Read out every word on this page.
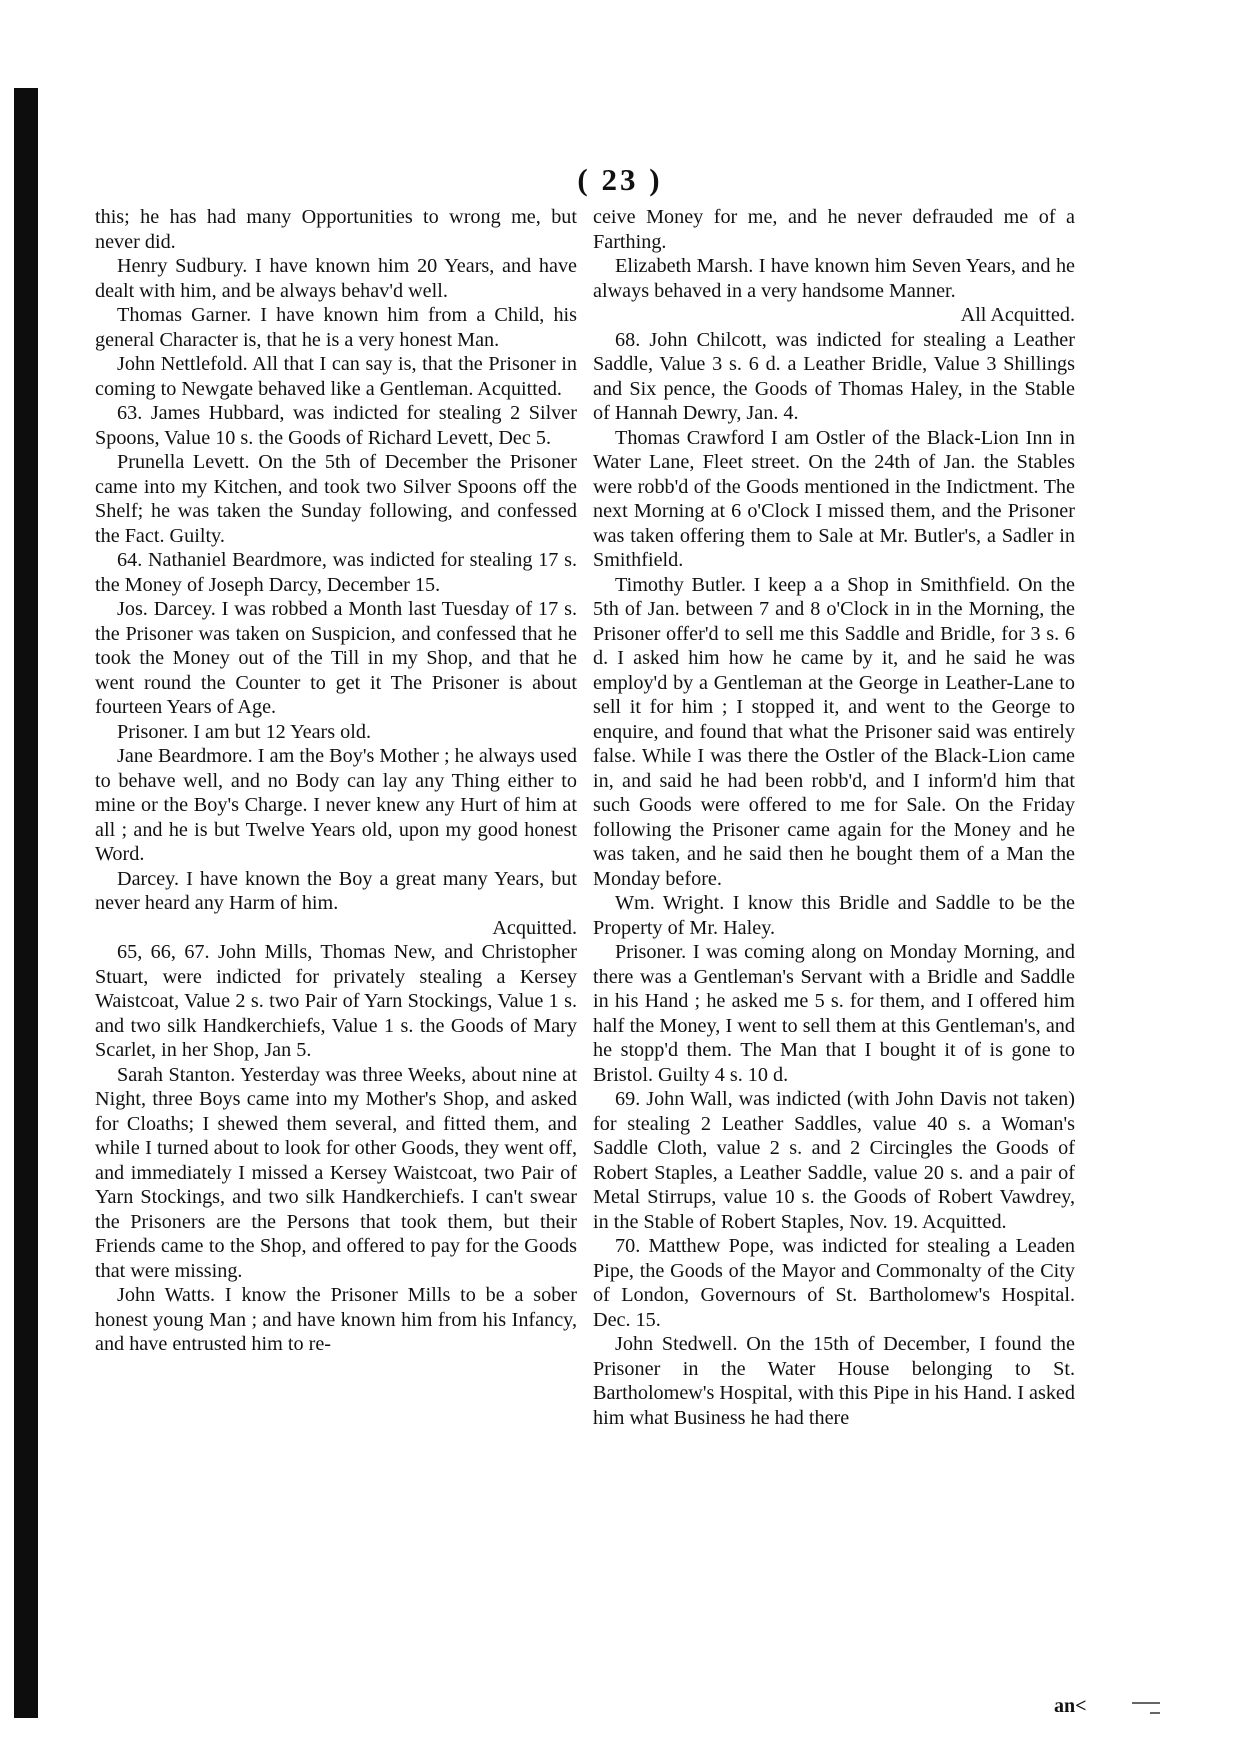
( 23 )

this; he has had many Opportunities to wrong me, but never did.

Henry Sudbury. I have known him 20 Years, and have dealt with him, and be always behav'd well.

Thomas Garner. I have known him from a Child, his general Character is, that he is a very honest Man.

John Nettlefold. All that I can say is, that the Prisoner in coming to Newgate behaved like a Gentleman. Acquitted.

63. James Hubbard, was indicted for stealing 2 Silver Spoons, Value 10 s. the Goods of Richard Levett, Dec 5.

Prunella Levett. On the 5th of December the Prisoner came into my Kitchen, and took two Silver Spoons off the Shelf; he was taken the Sunday following, and confessed the Fact. Guilty.

64. Nathaniel Beardmore, was indicted for stealing 17 s. the Money of Joseph Darcy, December 15.

Jos. Darcey. I was robbed a Month last Tuesday of 17 s. the Prisoner was taken on Suspicion, and confessed that he took the Money out of the Till in my Shop, and that he went round the Counter to get it The Prisoner is about fourteen Years of Age.

Prisoner. I am but 12 Years old.

Jane Beardmore. I am the Boy's Mother ; he always used to behave well, and no Body can lay any Thing either to mine or the Boy's Charge. I never knew any Hurt of him at all ; and he is but Twelve Years old, upon my good honest Word.

Darcey. I have known the Boy a great many Years, but never heard any Harm of him.

Acquitted.

65, 66, 67. John Mills, Thomas New, and Christopher Stuart, were indicted for privately stealing a Kersey Waistcoat, Value 2 s. two Pair of Yarn Stockings, Value 1 s. and two silk Handkerchiefs, Value 1 s. the Goods of Mary Scarlet, in her Shop, Jan 5.

Sarah Stanton. Yesterday was three Weeks, about nine at Night, three Boys came into my Mother's Shop, and asked for Cloaths; I shewed them several, and fitted them, and while I turned about to look for other Goods, they went off, and immediately I missed a Kersey Waistcoat, two Pair of Yarn Stockings, and two silk Handkerchiefs. I can't swear the Prisoners are the Persons that took them, but their Friends came to the Shop, and offered to pay for the Goods that were missing.

John Watts. I know the Prisoner Mills to be a sober honest young Man ; and have known him from his Infancy, and have entrusted him to re-

ceive Money for me, and he never defrauded me of a Farthing.

Elizabeth Marsh. I have known him Seven Years, and he always behaved in a very handsome Manner.

All Acquitted.

68. John Chilcott, was indicted for stealing a Leather Saddle, Value 3 s. 6 d. a Leather Bridle, Value 3 Shillings and Six pence, the Goods of Thomas Haley, in the Stable of Hannah Dewry, Jan. 4.

Thomas Crawford I am Ostler of the Black-Lion Inn in Water Lane, Fleet street. On the 24th of Jan. the Stables were robb'd of the Goods mentioned in the Indictment. The next Morning at 6 o'Clock I missed them, and the Prisoner was taken offering them to Sale at Mr. Butler's, a Sadler in Smithfield.

Timothy Butler. I keep a a Shop in Smithfield. On the 5th of Jan. between 7 and 8 o'Clock in in the Morning, the Prisoner offer'd to sell me this Saddle and Bridle, for 3 s. 6 d. I asked him how he came by it, and he said he was employ'd by a Gentleman at the George in Leather-Lane to sell it for him ; I stopped it, and went to the George to enquire, and found that what the Prisoner said was entirely false. While I was there the Ostler of the Black-Lion came in, and said he had been robb'd, and I inform'd him that such Goods were offered to me for Sale. On the Friday following the Prisoner came again for the Money and he was taken, and he said then he bought them of a Man the Monday before.

Wm. Wright. I know this Bridle and Saddle to be the Property of Mr. Haley.

Prisoner. I was coming along on Monday Morning, and there was a Gentleman's Servant with a Bridle and Saddle in his Hand ; he asked me 5 s. for them, and I offered him half the Money, I went to sell them at this Gentleman's, and he stopp'd them. The Man that I bought it of is gone to Bristol. Guilty 4 s. 10 d.

69. John Wall, was indicted (with John Davis not taken) for stealing 2 Leather Saddles, value 40 s. a Woman's Saddle Cloth, value 2 s. and 2 Circingles the Goods of Robert Staples, a Leather Saddle, value 20 s. and a pair of Metal Stirrups, value 10 s. the Goods of Robert Vawdrey, in the Stable of Robert Staples, Nov. 19. Acquitted.

70. Matthew Pope, was indicted for stealing a Leaden Pipe, the Goods of the Mayor and Commonalty of the City of London, Governours of St. Bartholomew's Hospital. Dec. 15.

John Stedwell. On the 15th of December, I found the Prisoner in the Water House belonging to St. Bartholomew's Hospital, with this Pipe in his Hand. I asked him what Business he had there

an<
